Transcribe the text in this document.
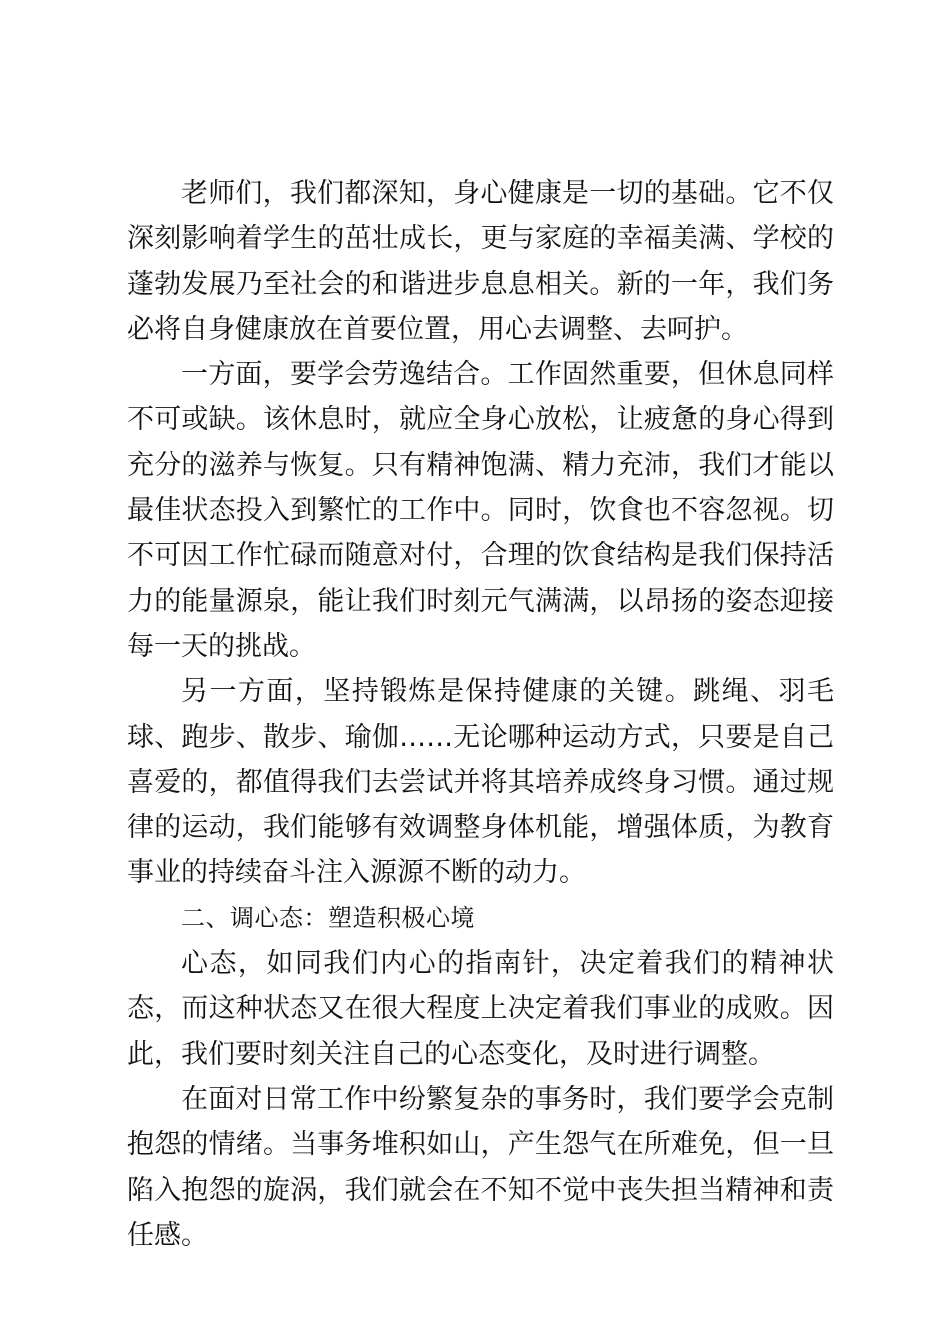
老师们，我们都深知，身心健康是一切的基础。它不仅深刻影响着学生的茁壮成长，更与家庭的幸福美满、学校的蓬勃发展乃至社会的和谐进步息息相关。新的一年，我们务必将自身健康放在首要位置，用心去调整、去呵护。

一方面，要学会劳逸结合。工作固然重要，但休息同样不可或缺。该休息时，就应全身心放松，让疲惫的身心得到充分的滋养与恢复。只有精神饱满、精力充沛，我们才能以最佳状态投入到繁忙的工作中。同时，饮食也不容忽视。切不可因工作忙碌而随意对付，合理的饮食结构是我们保持活力的能量源泉，能让我们时刻元气满满，以昂扬的姿态迎接每一天的挑战。

另一方面，坚持锻炼是保持健康的关键。跳绳、羽毛球、跑步、散步、瑜伽……无论哪种运动方式，只要是自己喜爱的，都值得我们去尝试并将其培养成终身习惯。通过规律的运动，我们能够有效调整身体机能，增强体质，为教育事业的持续奋斗注入源源不断的动力。

二、调心态：塑造积极心境

心态，如同我们内心的指南针，决定着我们的精神状态，而这种状态又在很大程度上决定着我们事业的成败。因此，我们要时刻关注自己的心态变化，及时进行调整。

在面对日常工作中纷繁复杂的事务时，我们要学会克制抱怨的情绪。当事务堆积如山，产生怨气在所难免，但一旦陷入抱怨的旋涡，我们就会在不知不觉中丧失担当精神和责任感。
